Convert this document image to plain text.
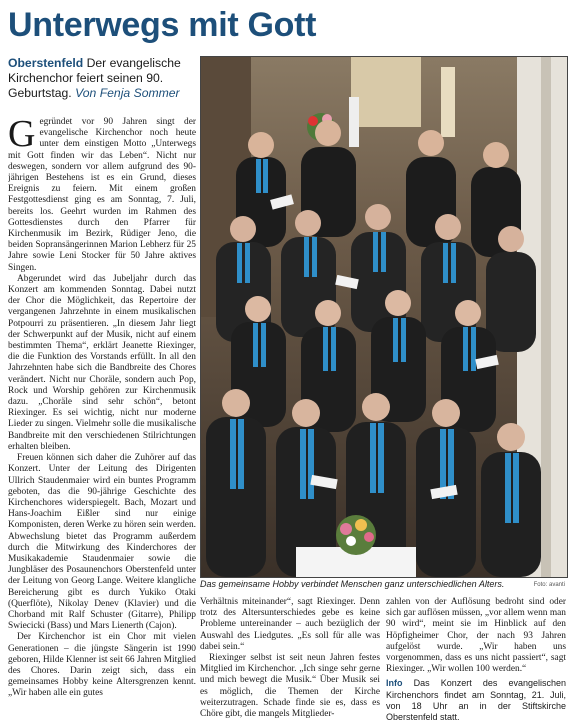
Unterwegs mit Gott
Oberstenfeld Der evangelische Kirchenchor feiert seinen 90. Geburtstag. Von Fenja Sommer

Gegründet vor 90 Jahren singt der evangelische Kirchenchor noch heute unter dem einstigen Motto „Unterwegs mit Gott finden wir das Leben“. Nicht nur deswegen, sondern vor allem aufgrund des 90-jährigen Bestehens ist es ein Grund, dieses Ereignis zu feiern. Mit einem großen Festgottesdienst ging es am Sonntag, 7. Juli, bereits los. Geehrt wurden im Rahmen des Gottesdienstes durch den Pfarrer für Kirchenmusik im Bezirk, Rüdiger Jeno, die beiden Sopransängerinnen Marion Lebherz für 25 Jahre sowie Leni Stocker für 50 Jahre aktives Singen.

Abgerundet wird das Jubeljahr durch das Konzert am kommenden Sonntag. Dabei nutzt der Chor die Möglichkeit, das Repertoire der vergangenen Jahrzehnte in einem musikalischen Potpourri zu präsentieren. „In diesem Jahr liegt der Schwerpunkt auf der Musik, nicht auf einem bestimmten Thema“, erklärt Jeanette Riexinger, die die Funktion des Vorstands erfüllt. In all den Jahrzehnten habe sich die Bandbreite des Chores verändert. Nicht nur Choräle, sondern auch Pop, Rock und Worship gehören zur Kirchenmusik dazu. „Choräle sind sehr schön“, betont Riexinger. Es sei wichtig, nicht nur moderne Lieder zu singen. Vielmehr solle die musikalische Bandbreite mit den verschiedenen Stilrichtungen erhalten bleiben.

Freuen können sich daher die Zuhörer auf das Konzert. Unter der Leitung des Dirigenten Ullrich Staudenmaier wird ein buntes Programm geboten, das die 90-jährige Geschichte des Kirchenchores widerspiegelt. Bach, Mozart und Hans-Joachim Eißler sind nur einige Komponisten, deren Werke zu hören sein werden. Abwechslung bietet das Programm außerdem durch die Mitwirkung des Kinderchores der Musikakademie Staudenmaier sowie die Jungbläser des Posaunenchors Oberstenfeld unter der Leitung von Georg Lange. Weitere klangliche Bereicherung gibt es durch Yukiko Otaki (Querflöte), Nikolay Denev (Klavier) und die Chorband mit Ralf Schuster (Gitarre), Philipp Swiecicki (Bass) und Mars Lienerth (Cajon).

Der Kirchenchor ist ein Chor mit vielen Generationen – die jüngste Sängerin ist 1990 geboren, Hilde Klenner ist seit 66 Jahren Mitglied des Chores. Darin zeigt sich, dass ein gemeinsames Hobby keine Altersgrenzen kennt. „Wir haben alle ein gutes

Das gemeinsame Hobby verbindet Menschen ganz unterschiedlichen Alters.	Foto: avanti

Verhältnis miteinander“, sagt Riexinger. Denn trotz des Altersunterschiedes gebe es keine Probleme untereinander – auch bezüglich der Auswahl des Liedgutes. „Es soll für alle was dabei sein.“

Riexinger selbst ist seit neun Jahren festes Mitglied im Kirchenchor. „Ich singe sehr gerne und mich bewegt die Musik.“ Über Musik sei es möglich, die Themen der Kirche weiterzutragen. Schade finde sie es, dass es Chöre gibt, die mangels Mitglieder-

zahlen von der Auflösung bedroht sind oder sich gar auflösen müssen, „vor allem wenn man 90 wird“, meint sie im Hinblick auf den Höpfigheimer Chor, der nach 93 Jahren aufgelöst wurde. „Wir haben uns vorgenommen, dass es uns nicht passiert“, sagt Riexinger. „Wir wollen 100 werden.“

Info Das Konzert des evangelischen Kirchenchors findet am Sonntag, 21. Juli, von 18 Uhr an in der Stiftskirche Oberstenfeld statt.
